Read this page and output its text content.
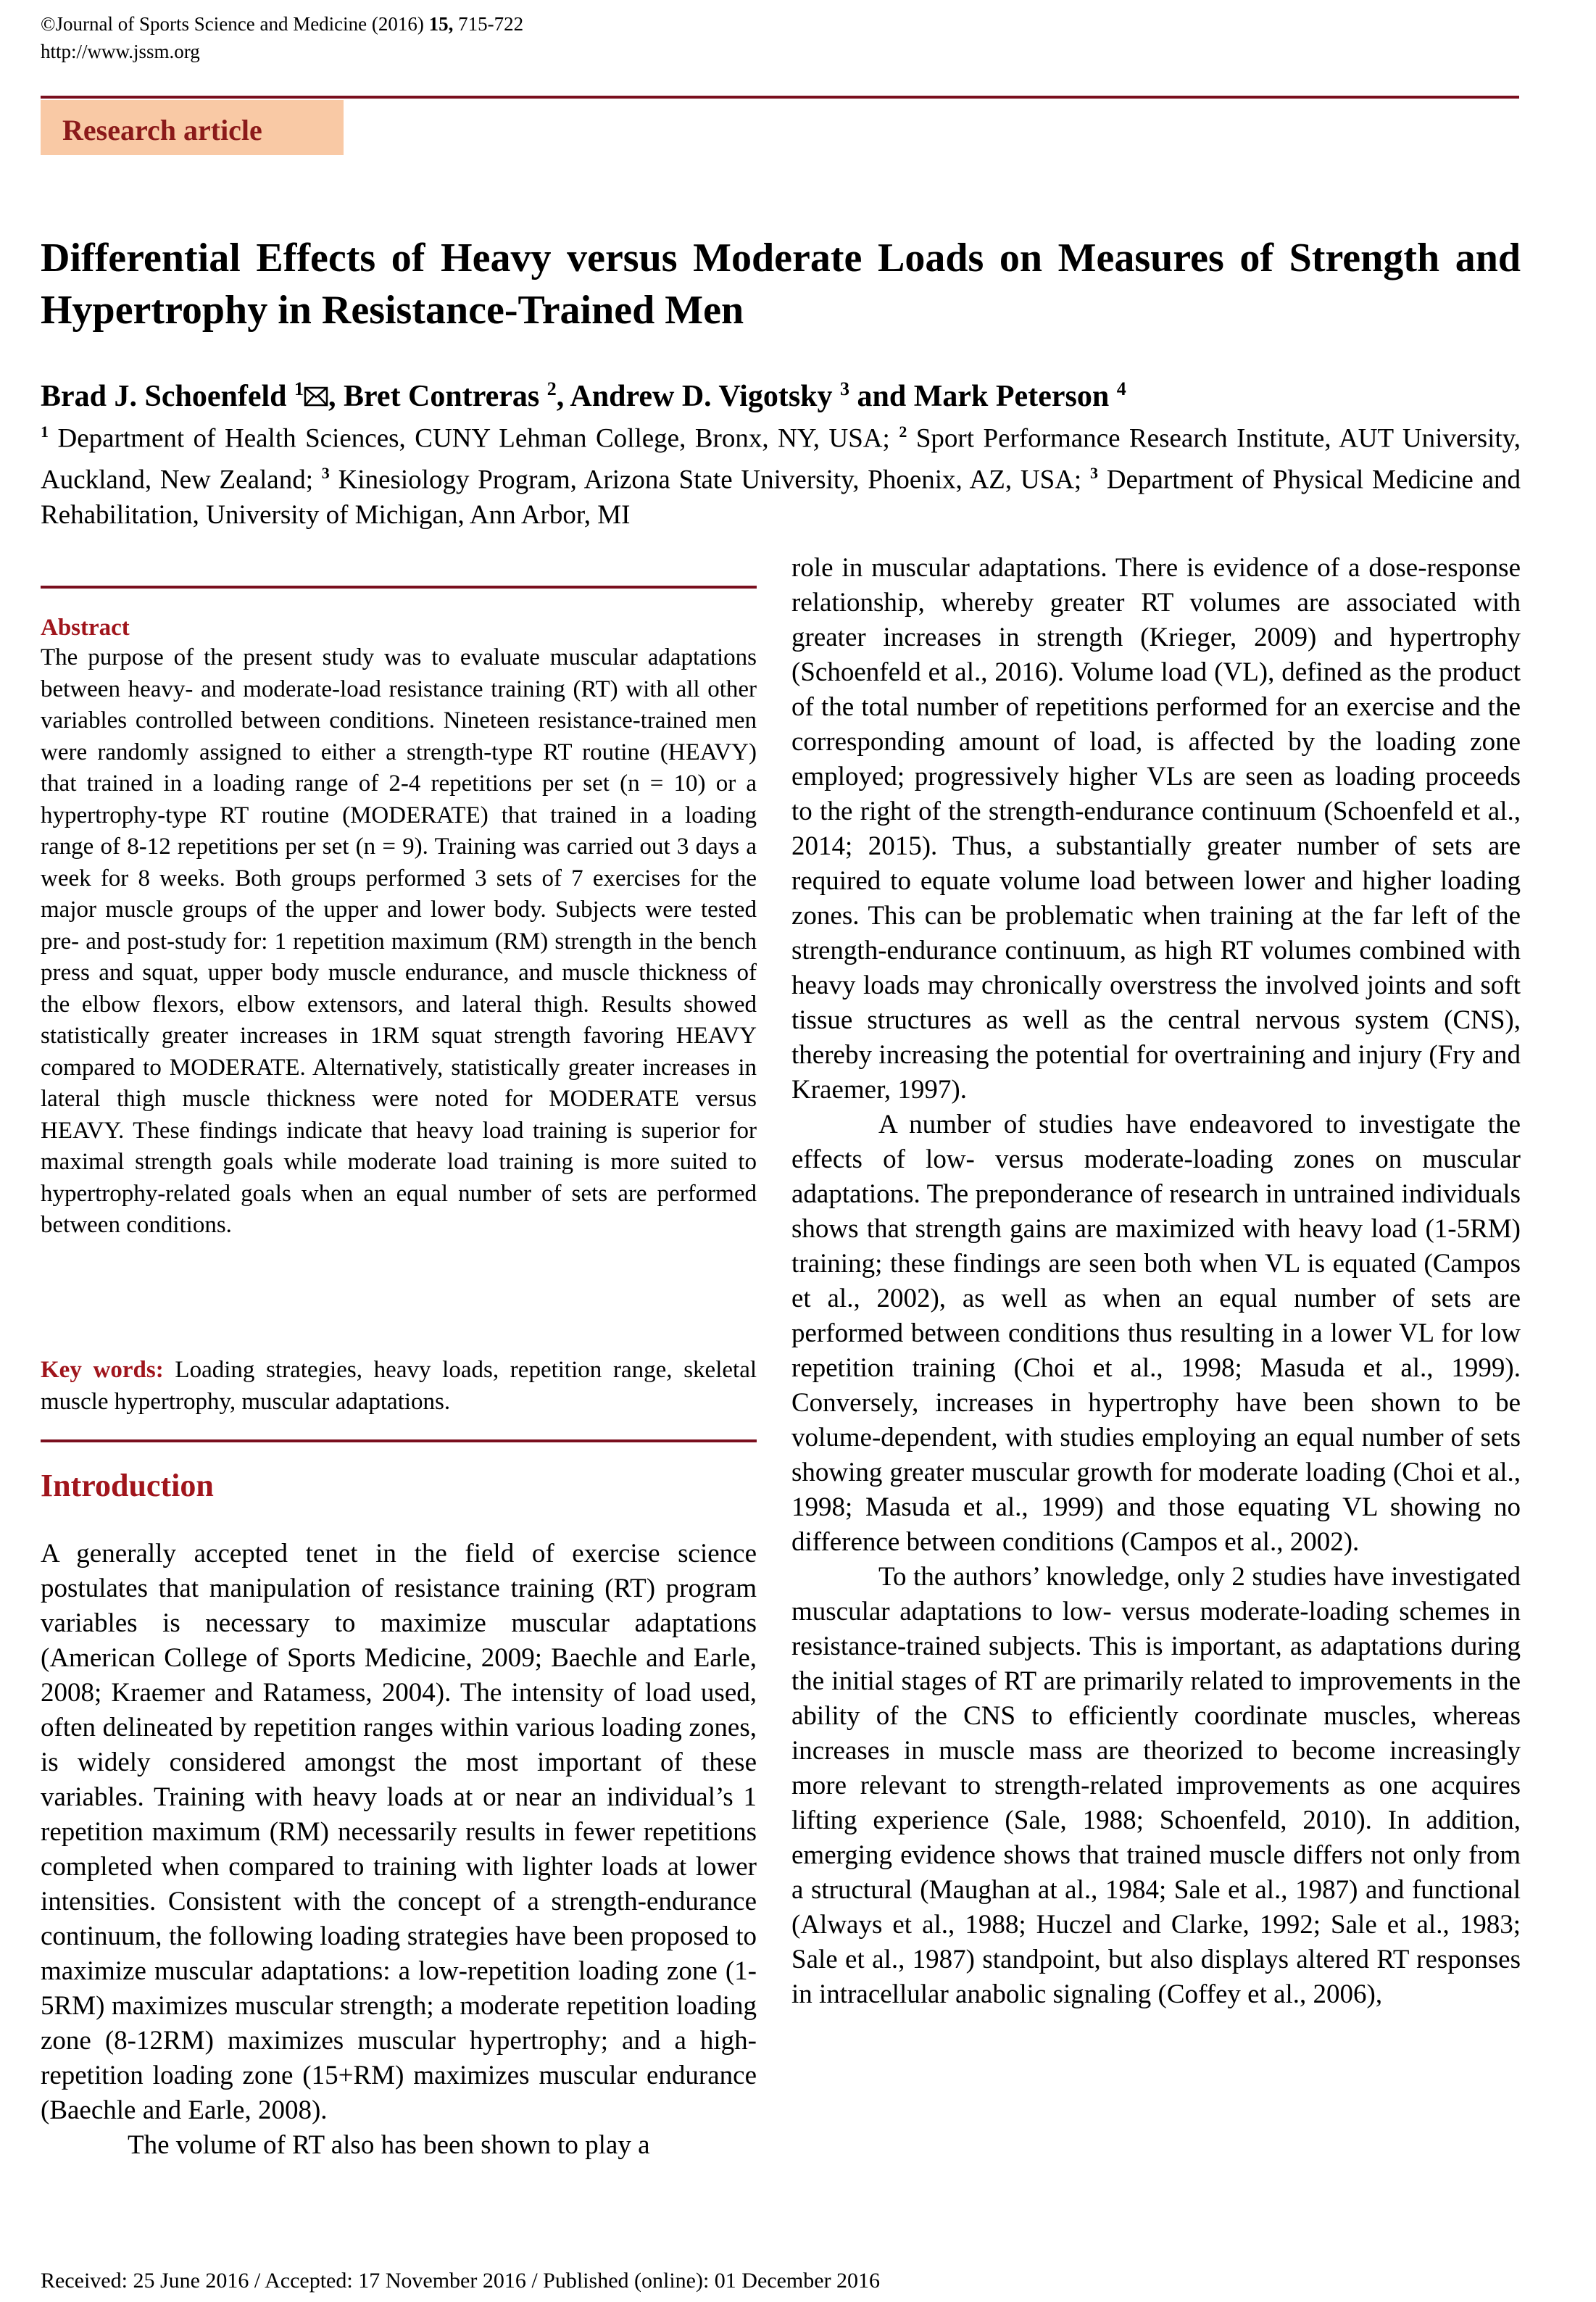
©Journal of Sports Science and Medicine (2016) 15, 715-722
http://www.jssm.org
Research article
Differential Effects of Heavy versus Moderate Loads on Measures of Strength and Hypertrophy in Resistance-Trained Men
Brad J. Schoenfeld $^1$ , Bret Contreras $^2$, Andrew D. Vigotsky $^3$ and Mark Peterson $^4$

$^1$ Department of Health Sciences, CUNY Lehman College, Bronx, NY, USA; $^2$ Sport Performance Research Institute, AUT University, Auckland, New Zealand; $^3$ Kinesiology Program, Arizona State University, Phoenix, AZ, USA; $^3$ Department of Physical Medicine and Rehabilitation, University of Michigan, Ann Arbor, MI

Abstract

The purpose of the present study was to evaluate muscular adaptations between heavy- and moderate-load resistance training (RT) with all other variables controlled between conditions. Nineteen resistance-trained men were randomly assigned to either a strength-type RT routine (HEAVY) that trained in a loading range of 2-4 repetitions per set (n = 10) or a hypertrophy-type RT routine (MODERATE) that trained in a loading range of 8-12 repetitions per set (n = 9). Training was carried out 3 days a week for 8 weeks. Both groups performed 3 sets of 7 exercises for the major muscle groups of the upper and lower body. Subjects were tested pre- and post-study for: 1 repetition maximum (RM) strength in the bench press and squat, upper body muscle endurance, and muscle thickness of the elbow flexors, elbow extensors, and lateral thigh. Results showed statistically greater increases in 1RM squat strength favoring HEAVY compared to MODERATE. Alternatively, statistically greater increases in lateral thigh muscle thickness were noted for MODERATE versus HEAVY. These findings indicate that heavy load training is superior for maximal strength goals while moderate load training is more suited to hypertrophy-related goals when an equal number of sets are performed between conditions.

Key words: Loading strategies, heavy loads, repetition range, skeletal muscle hypertrophy, muscular adaptations.

Introduction

A generally accepted tenet in the field of exercise science postulates that manipulation of resistance training (RT) program variables is necessary to maximize muscular adaptations (American College of Sports Medicine, 2009; Baechle and Earle, 2008; Kraemer and Ratamess, 2004). The intensity of load used, often delineated by repetition ranges within various loading zones, is widely considered amongst the most important of these variables. Training with heavy loads at or near an individual’s 1 repetition maximum (RM) necessarily results in fewer repetitions completed when compared to training with lighter loads at lower intensities. Consistent with the concept of a strength-endurance continuum, the following loading strategies have been proposed to maximize muscular adaptations: a low-repetition loading zone (1-5RM) maximizes muscular strength; a moderate repetition loading zone (8-12RM) maximizes muscular hypertrophy; and a high-repetition loading zone (15+RM) maximizes muscular endurance (Baechle and Earle, 2008).

The volume of RT also has been shown to play a

role in muscular adaptations. There is evidence of a dose-response relationship, whereby greater RT volumes are associated with greater increases in strength (Krieger, 2009) and hypertrophy (Schoenfeld et al., 2016). Volume load (VL), defined as the product of the total number of repetitions performed for an exercise and the corresponding amount of load, is affected by the loading zone employed; progressively higher VLs are seen as loading proceeds to the right of the strength-endurance continuum (Schoenfeld et al., 2014; 2015). Thus, a substantially greater number of sets are required to equate volume load between lower and higher loading zones. This can be problematic when training at the far left of the strength-endurance continuum, as high RT volumes combined with heavy loads may chronically overstress the involved joints and soft tissue structures as well as the central nervous system (CNS), thereby increasing the potential for overtraining and injury (Fry and Kraemer, 1997).

A number of studies have endeavored to investigate the effects of low- versus moderate-loading zones on muscular adaptations. The preponderance of research in untrained individuals shows that strength gains are maximized with heavy load (1-5RM) training; these findings are seen both when VL is equated (Campos et al., 2002), as well as when an equal number of sets are performed between conditions thus resulting in a lower VL for low repetition training (Choi et al., 1998; Masuda et al., 1999). Conversely, increases in hypertrophy have been shown to be volume-dependent, with studies employing an equal number of sets showing greater muscular growth for moderate loading (Choi et al., 1998; Masuda et al., 1999) and those equating VL showing no difference between conditions (Campos et al., 2002).

To the authors’ knowledge, only 2 studies have investigated muscular adaptations to low- versus moderate-loading schemes in resistance-trained subjects. This is important, as adaptations during the initial stages of RT are primarily related to improvements in the ability of the CNS to efficiently coordinate muscles, whereas increases in muscle mass are theorized to become increasingly more relevant to strength-related improvements as one acquires lifting experience (Sale, 1988; Schoenfeld, 2010). In addition, emerging evidence shows that trained muscle differs not only from a structural (Maughan at al., 1984; Sale et al., 1987) and functional (Always et al., 1988; Huczel and Clarke, 1992; Sale et al., 1983; Sale et al., 1987) standpoint, but also displays altered RT responses in intracellular anabolic signaling (Coffey et al., 2006),

Received: 25 June 2016 / Accepted: 17 November 2016 / Published (online): 01 December 2016
